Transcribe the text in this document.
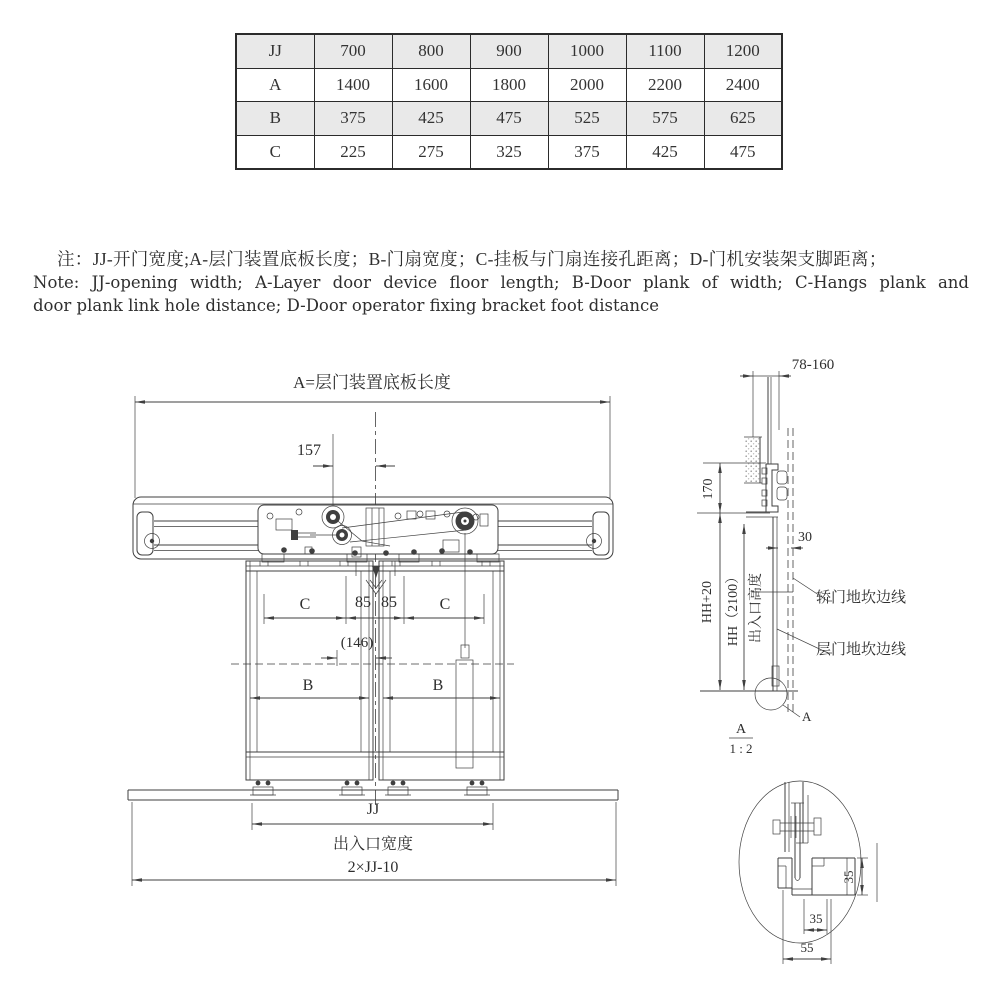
JJ	700	800	900	1000	1100	1200
A	1400	1600	1800	2000	2200	2400
B	375	425	475	525	575	625
C	225	275	325	375	425	475
注：JJ-开门宽度;A-层门装置底板长度；B-门扇宽度；C-挂板与门扇连接孔距离；D-门机安装架支脚距离；
Note: JJ-opening width; A-Layer door device floor length; B-Door plank of width; C-Hangs plank and
door plank link hole distance; D-Door operator fixing bracket foot distance
A=层门装置底板长度
157
C	85 85	C
(146)
B	B
JJ
出入口宽度
2×JJ-10
78-160
30
170
HH+20 HH（2100） 出入口高度	轿门地坎边线
层门地坎边线
A
A
1 : 2
35
35
55
